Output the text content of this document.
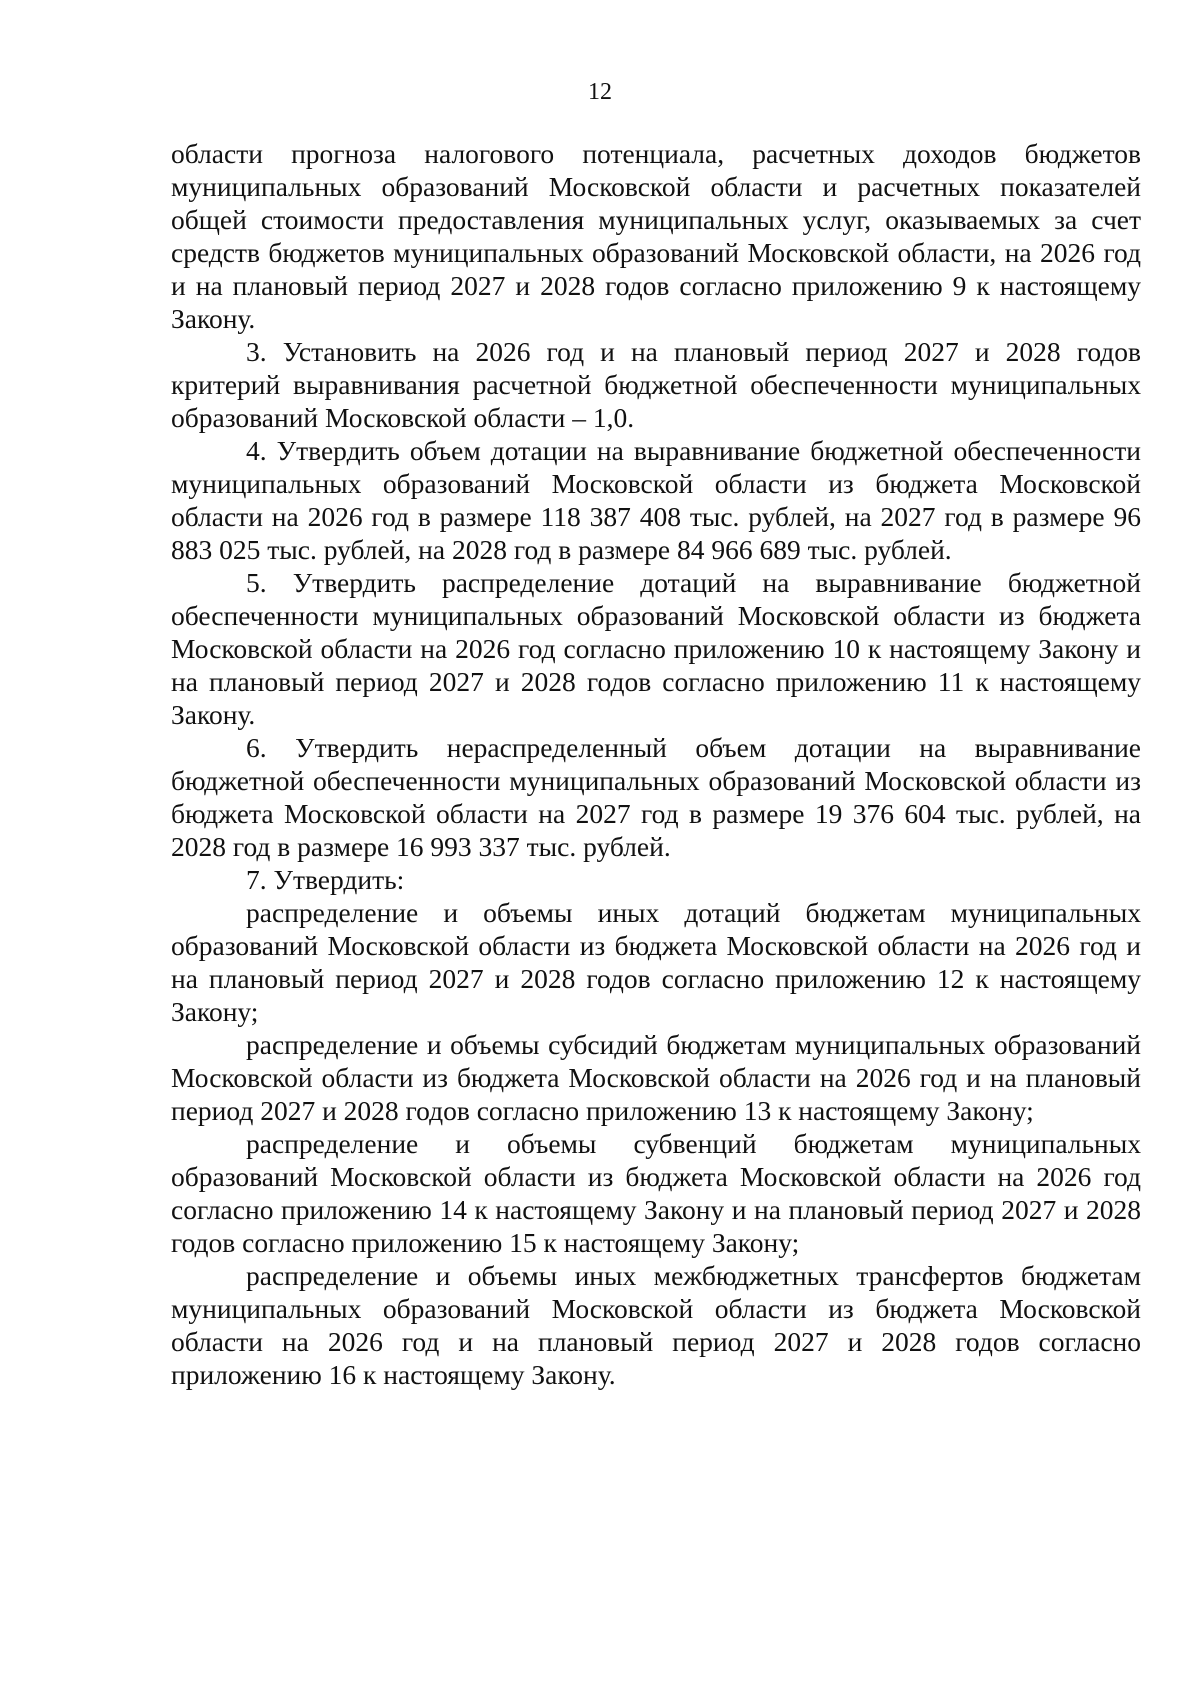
12

области прогноза налогового потенциала, расчетных доходов бюджетов муниципальных образований Московской области и расчетных показателей общей стоимости предоставления муниципальных услуг, оказываемых за счет средств бюджетов муниципальных образований Московской области, на 2026 год и на плановый период 2027 и 2028 годов согласно приложению 9 к настоящему Закону.

3. Установить на 2026 год и на плановый период 2027 и 2028 годов критерий выравнивания расчетной бюджетной обеспеченности муниципальных образований Московской области – 1,0.

4. Утвердить объем дотации на выравнивание бюджетной обеспеченности муниципальных образований Московской области из бюджета Московской области на 2026 год в размере 118 387 408 тыс. рублей, на 2027 год в размере 96 883 025 тыс. рублей, на 2028 год в размере 84 966 689 тыс. рублей.

5. Утвердить распределение дотаций на выравнивание бюджетной обеспеченности муниципальных образований Московской области из бюджета Московской области на 2026 год согласно приложению 10 к настоящему Закону и на плановый период 2027 и 2028 годов согласно приложению 11 к настоящему Закону.

6. Утвердить нераспределенный объем дотации на выравнивание бюджетной обеспеченности муниципальных образований Московской области из бюджета Московской области на 2027 год в размере 19 376 604 тыс. рублей, на 2028 год в размере 16 993 337 тыс. рублей.

7. Утвердить:

распределение и объемы иных дотаций бюджетам муниципальных образований Московской области из бюджета Московской области на 2026 год и на плановый период 2027 и 2028 годов согласно приложению 12 к настоящему Закону;

распределение и объемы субсидий бюджетам муниципальных образований Московской области из бюджета Московской области на 2026 год и на плановый период 2027 и 2028 годов согласно приложению 13 к настоящему Закону;

распределение и объемы субвенций бюджетам муниципальных образований Московской области из бюджета Московской области на 2026 год согласно приложению 14 к настоящему Закону и на плановый период 2027 и 2028 годов согласно приложению 15 к настоящему Закону;

распределение и объемы иных межбюджетных трансфертов бюджетам муниципальных образований Московской области из бюджета Московской области на 2026 год и на плановый период 2027 и 2028 годов согласно приложению 16 к настоящему Закону.
